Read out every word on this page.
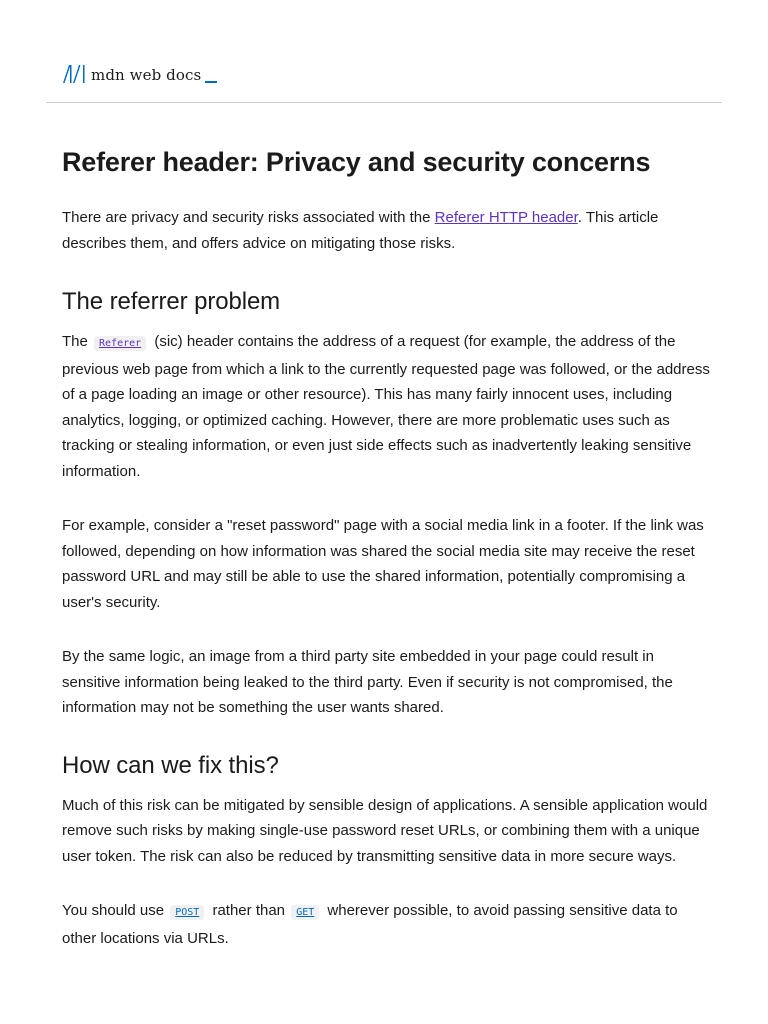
mdn web docs
Referer header: Privacy and security concerns

There are privacy and security risks associated with the Referer HTTP header. This article describes them, and offers advice on mitigating those risks.

The referrer problem

The Referer (sic) header contains the address of a request (for example, the address of the previous web page from which a link to the currently requested page was followed, or the address of a page loading an image or other resource). This has many fairly innocent uses, including analytics, logging, or optimized caching. However, there are more problematic uses such as tracking or stealing information, or even just side effects such as inadvertently leaking sensitive information.

For example, consider a "reset password" page with a social media link in a footer. If the link was followed, depending on how information was shared the social media site may receive the reset password URL and may still be able to use the shared information, potentially compromising a user's security.

By the same logic, an image from a third party site embedded in your page could result in sensitive information being leaked to the third party. Even if security is not compromised, the information may not be something the user wants shared.

How can we fix this?

Much of this risk can be mitigated by sensible design of applications. A sensible application would remove such risks by making single-use password reset URLs, or combining them with a unique user token. The risk can also be reduced by transmitting sensitive data in more secure ways.

You should use POST rather than GET wherever possible, to avoid passing sensitive data to other locations via URLs.
